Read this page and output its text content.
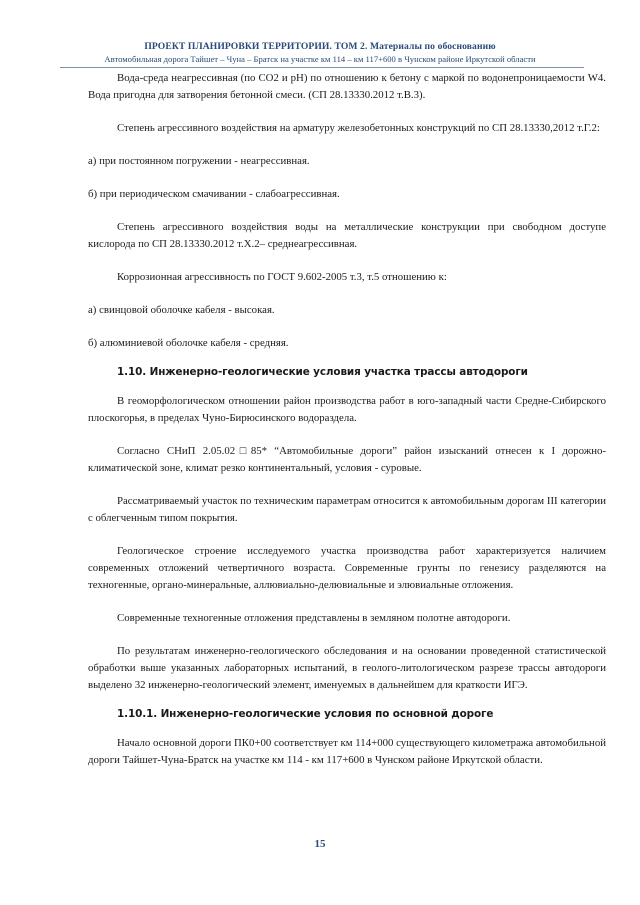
ПРОЕКТ ПЛАНИРОВКИ ТЕРРИТОРИИ. ТОМ 2. Материалы по обоснованию
Автомобильная дорога Тайшет – Чуна – Братск на участке км 114 – км 117+600 в Чунском районе Иркутской области

Вода-среда неагрессивная (по СО2 и рН) по отношению к бетону с маркой по водонепроницаемости W4. Вода пригодна для затворения бетонной смеси. (СП 28.13330.2012 т.В.3).

Степень агрессивного воздействия на арматуру железобетонных конструкций по СП 28.13330,2012 т.Г.2:

а) при постоянном погружении - неагрессивная.

б) при периодическом смачивании - слабоагрессивная.

Степень агрессивного воздействия воды на металлические конструкции при свободном доступе кислорода по СП 28.13330.2012 т.Х.2– среднеагрессивная.

Коррозионная агрессивность по ГОСТ 9.602-2005 т.3, т.5 отношению к:

а) свинцовой оболочке кабеля - высокая.

б) алюминиевой оболочке кабеля - средняя.

1.10. Инженерно-геологические условия участка трассы автодороги

В геоморфологическом отношении район производства работ в юго-западный части Средне-Сибирского плоскогорья, в пределах Чуно-Бирюсинского водораздела.

Согласно СНиП 2.05.02□85* “Автомобильные дороги” район изысканий отнесен к I дорожно-климатической зоне, климат резко континентальный, условия - суровые.

Рассматриваемый участок по техническим параметрам относится к автомобильным дорогам III категории с облегченным типом покрытия.

Геологическое строение исследуемого участка производства работ характеризуется наличием современных отложений четвертичного возраста. Современные грунты по генезису разделяются на техногенные, органо-минеральные, аллювиально-делювиальные и элювиальные отложения.

Современные техногенные отложения представлены в земляном полотне автодороги.

По результатам инженерно-геологического обследования и на основании проведенной статистической обработки выше указанных лабораторных испытаний, в геолого-литологическом разрезе трассы автодороги выделено 32 инженерно-геологический элемент, именуемых в дальнейшем для краткости ИГЭ.

1.10.1. Инженерно-геологические условия по основной дороге

Начало основной дороги ПК0+00 соответствует км 114+000 существующего километража автомобильной дороги Тайшет-Чуна-Братск на участке км 114 - км 117+600 в Чунском районе Иркутской области.

15
